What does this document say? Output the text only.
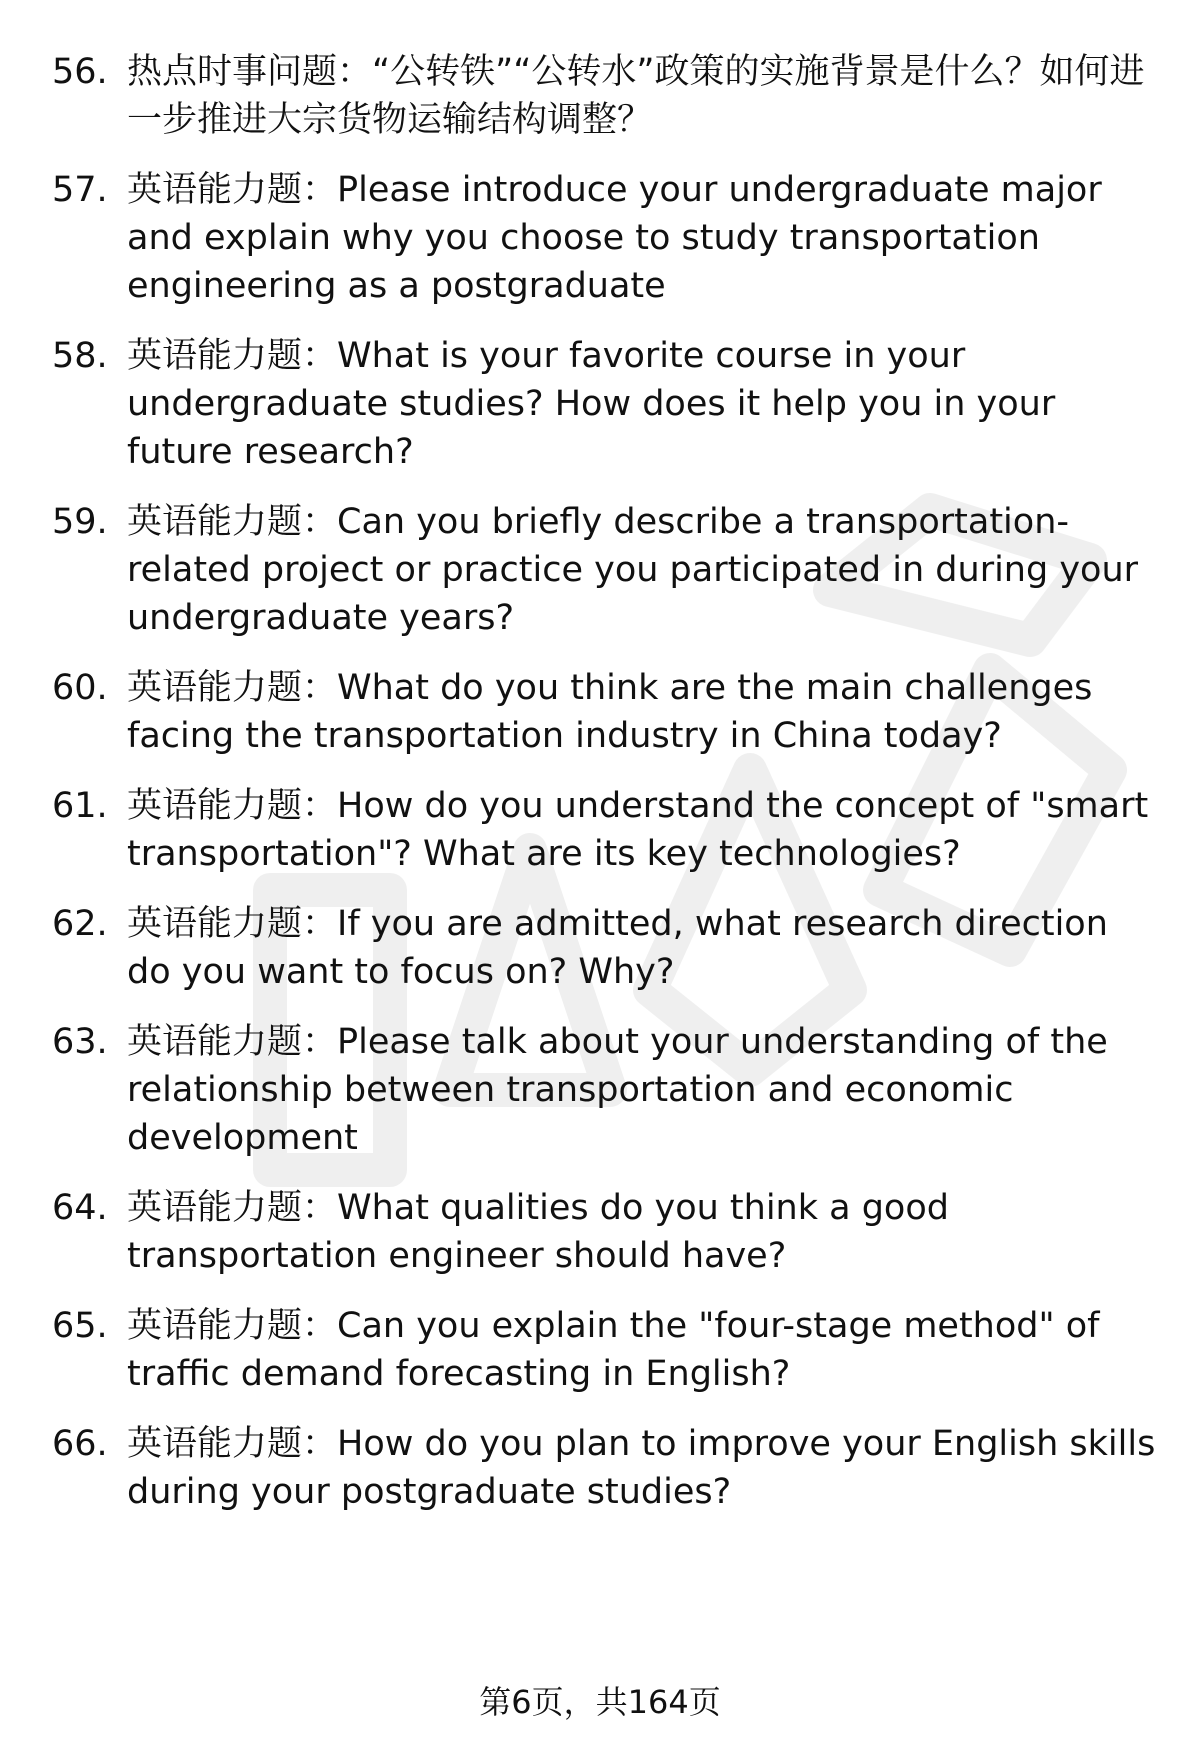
56. 热点时事问题：“公转铁”“公转水”政策的实施背景是什么？如何进一步推进大宗货物运输结构调整？
57. 英语能力题：Please introduce your undergraduate major and explain why you choose to study transportation engineering as a postgraduate
58. 英语能力题：What is your favorite course in your undergraduate studies? How does it help you in your future research?
59. 英语能力题：Can you briefly describe a transportation-related project or practice you participated in during your undergraduate years?
60. 英语能力题：What do you think are the main challenges facing the transportation industry in China today?
61. 英语能力题：How do you understand the concept of "smart transportation"? What are its key technologies?
62. 英语能力题：If you are admitted, what research direction do you want to focus on? Why?
63. 英语能力题：Please talk about your understanding of the relationship between transportation and economic development
64. 英语能力题：What qualities do you think a good transportation engineer should have?
65. 英语能力题：Can you explain the "four-stage method" of traffic demand forecasting in English?
66. 英语能力题：How do you plan to improve your English skills during your postgraduate studies?
第6页，共164页
